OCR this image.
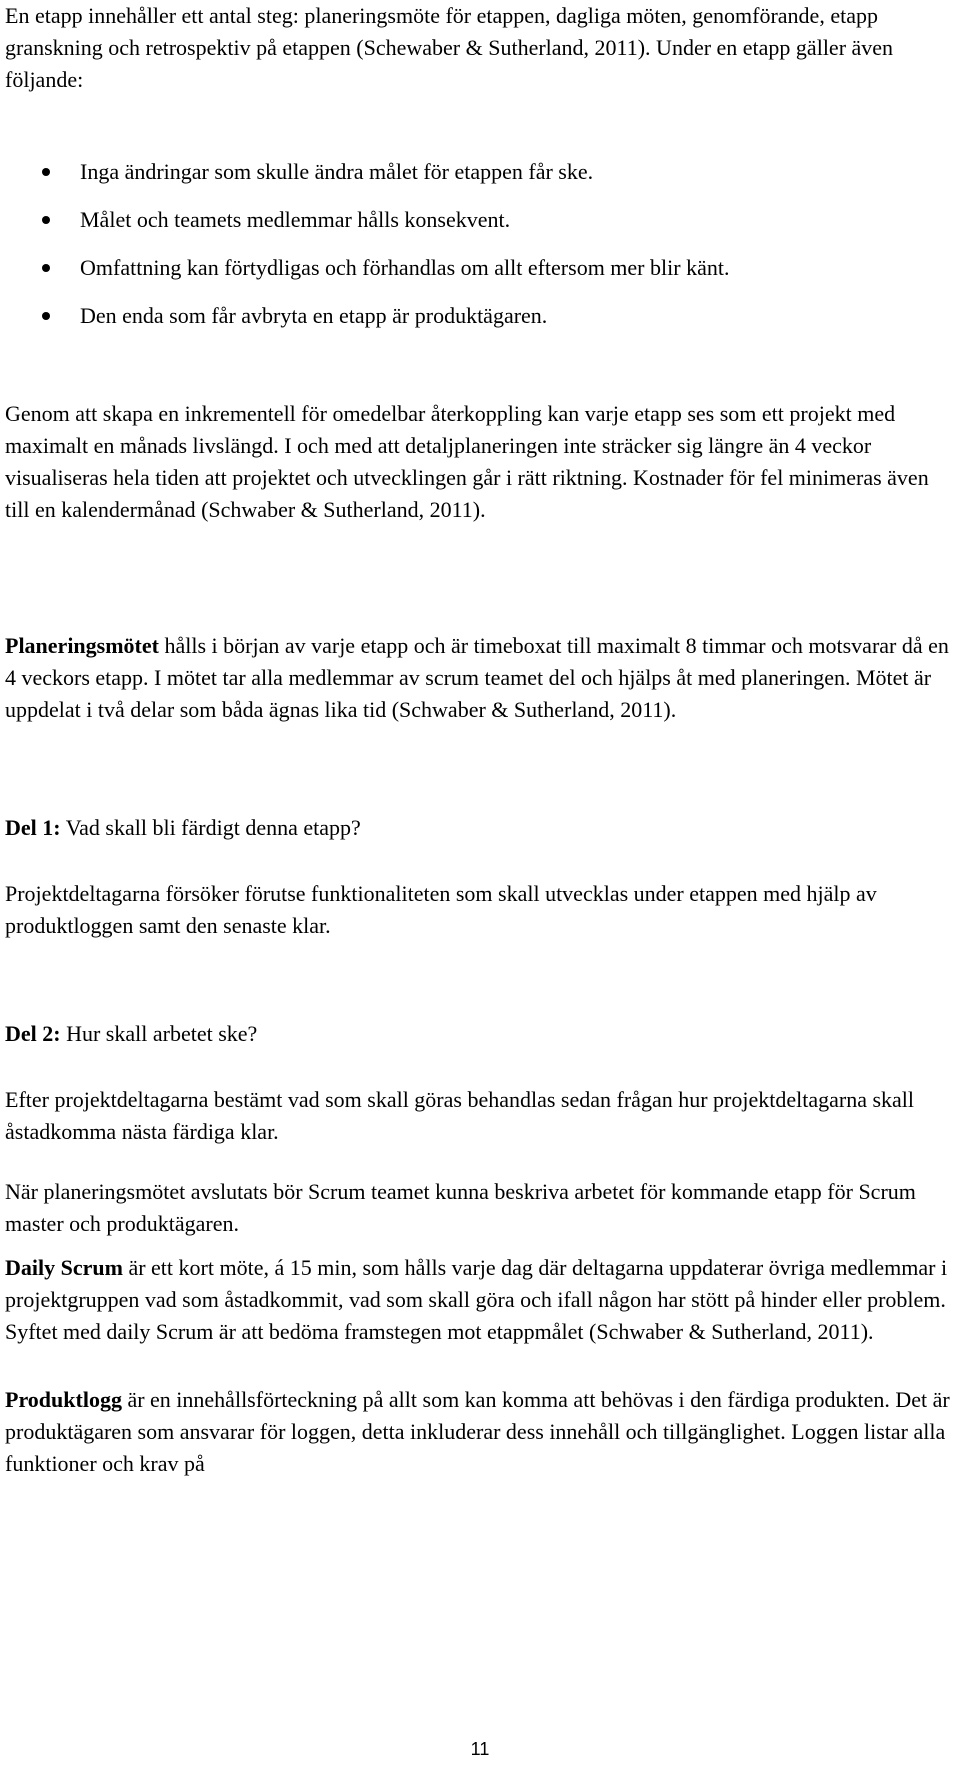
En etapp innehåller ett antal steg: planeringsmöte för etappen, dagliga möten, genomförande, etapp granskning och retrospektiv på etappen (Schewaber & Sutherland, 2011). Under en etapp gäller även följande:

Inga ändringar som skulle ändra målet för etappen får ske.
Målet och teamets medlemmar hålls konsekvent.
Omfattning kan förtydligas och förhandlas om allt eftersom mer blir känt.
Den enda som får avbryta en etapp är produktägaren.

Genom att skapa en inkrementell för omedelbar återkoppling kan varje etapp ses som ett projekt med maximalt en månads livslängd. I och med att detaljplaneringen inte sträcker sig längre än 4 veckor visualiseras hela tiden att projektet och utvecklingen går i rätt riktning. Kostnader för fel minimeras även till en kalendermånad (Schwaber & Sutherland, 2011).

Planeringsmötet hålls i början av varje etapp och är timeboxat till maximalt 8 timmar och motsvarar då en 4 veckors etapp. I mötet tar alla medlemmar av scrum teamet del och hjälps åt med planeringen. Mötet är uppdelat i två delar som båda ägnas lika tid (Schwaber & Sutherland, 2011).

Del 1: Vad skall bli färdigt denna etapp?

Projektdeltagarna försöker förutse funktionaliteten som skall utvecklas under etappen med hjälp av produktloggen samt den senaste klar.

Del 2: Hur skall arbetet ske?

Efter projektdeltagarna bestämt vad som skall göras behandlas sedan frågan hur projektdeltagarna skall åstadkomma nästa färdiga klar.

När planeringsmötet avslutats bör Scrum teamet kunna beskriva arbetet för kommande etapp för Scrum master och produktägaren.

Daily Scrum är ett kort möte, á 15 min, som hålls varje dag där deltagarna uppdaterar övriga medlemmar i projektgruppen vad som åstadkommit, vad som skall göra och ifall någon har stött på hinder eller problem. Syftet med daily Scrum är att bedöma framstegen mot etappmålet (Schwaber & Sutherland, 2011).

Produktlogg är en innehållsförteckning på allt som kan komma att behövas i den färdiga produkten. Det är produktägaren som ansvarar för loggen, detta inkluderar dess innehåll och tillgänglighet. Loggen listar alla funktioner och krav på

11
